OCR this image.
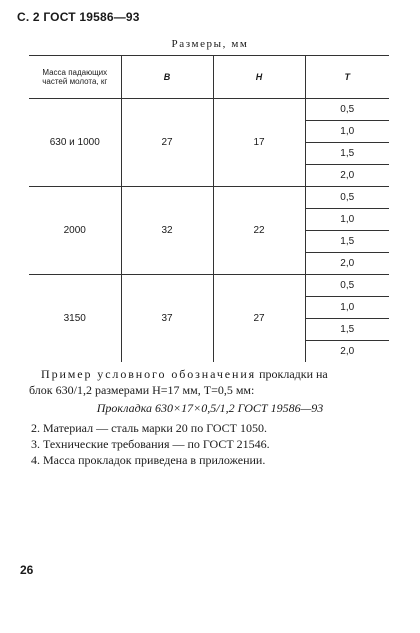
С. 2 ГОСТ 19586—93
Размеры, мм
Масса падающих частей молота, кг	B	H	T
630 и 1000	27	17	0,5
			1,0
			1,5
			2,0
2000	32	22	0,5
			1,0
			1,5
			2,0
3150	37	27	0,5
			1,0
			1,5
			2,0
Пример условного обозначения прокладки на
блок 630/1,2 размерами H=17 мм, T=0,5 мм:
Прокладка 630×17×0,5/1,2 ГОСТ 19586—93
2. Материал — сталь марки 20 по ГОСТ 1050.
3. Технические требования — по ГОСТ 21546.
4. Масса прокладок приведена в приложении.
26
